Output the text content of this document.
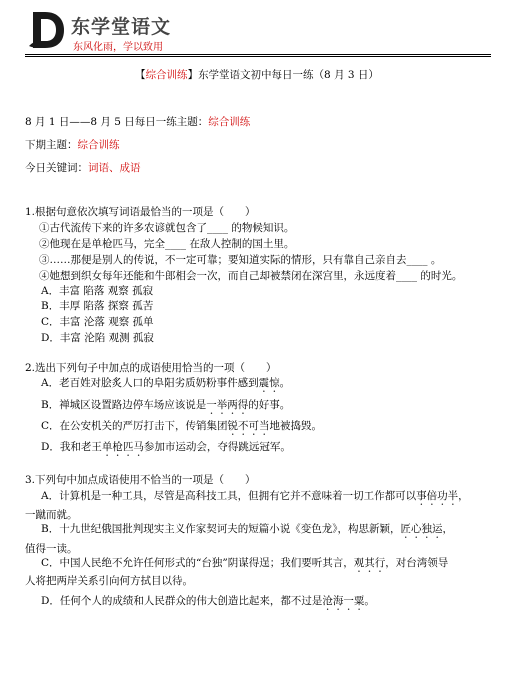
东学堂语文
东风化雨，学以致用
【综合训练】东学堂语文初中每日一练（8 月 3 日）
8 月 1 日——8 月 5 日每日一练主题：综合训练
下期主题：综合训练
今日关键词：词语、成语
1.根据句意依次填写词语最恰当的一项是（　　）
①古代流传下来的许多农谚就包含了____ 的物候知识。
②他现在是单枪匹马，完全____ 在敌人控制的国土里。
③……那便是别人的传说，不一定可靠；要知道实际的情形，只有靠自己亲自去____ 。
④她想到织女每年还能和牛郎相会一次，而自己却被禁闭在深宫里，永远度着____ 的时光。
A．丰富 陷落 观察 孤寂
B．丰厚 陷落 探察 孤苦
C．丰富 沦落 观察 孤单
D．丰富 沦陷 观测 孤寂
2.选出下列句子中加点的成语使用恰当的一项（　　）
A．老百姓对脍炙人口的阜阳劣质奶粉事件感到震惊。
B．禅城区设置路边停车场应该说是一举两得的好事。
C．在公安机关的严厉打击下，传销集团锐不可当地被捣毁。
D．我和老王单枪匹马参加市运动会，夺得跳远冠军。
3.下列句中加点成语使用不恰当的一项是（　　）
A．计算机是一种工具，尽管是高科技工具，但拥有它并不意味着一切工作都可以事倍功半，
一蹴而就。
B．十九世纪俄国批判现实主义作家契诃夫的短篇小说《变色龙》，构思新颖，匠心独运，
值得一读。
C．中国人民绝不允许任何形式的“台独”阴谋得逞；我们要听其言，观其行，对台湾领导
人将把两岸关系引向何方拭目以待。
D．任何个人的成绩和人民群众的伟大创造比起来，都不过是沧海一粟。
